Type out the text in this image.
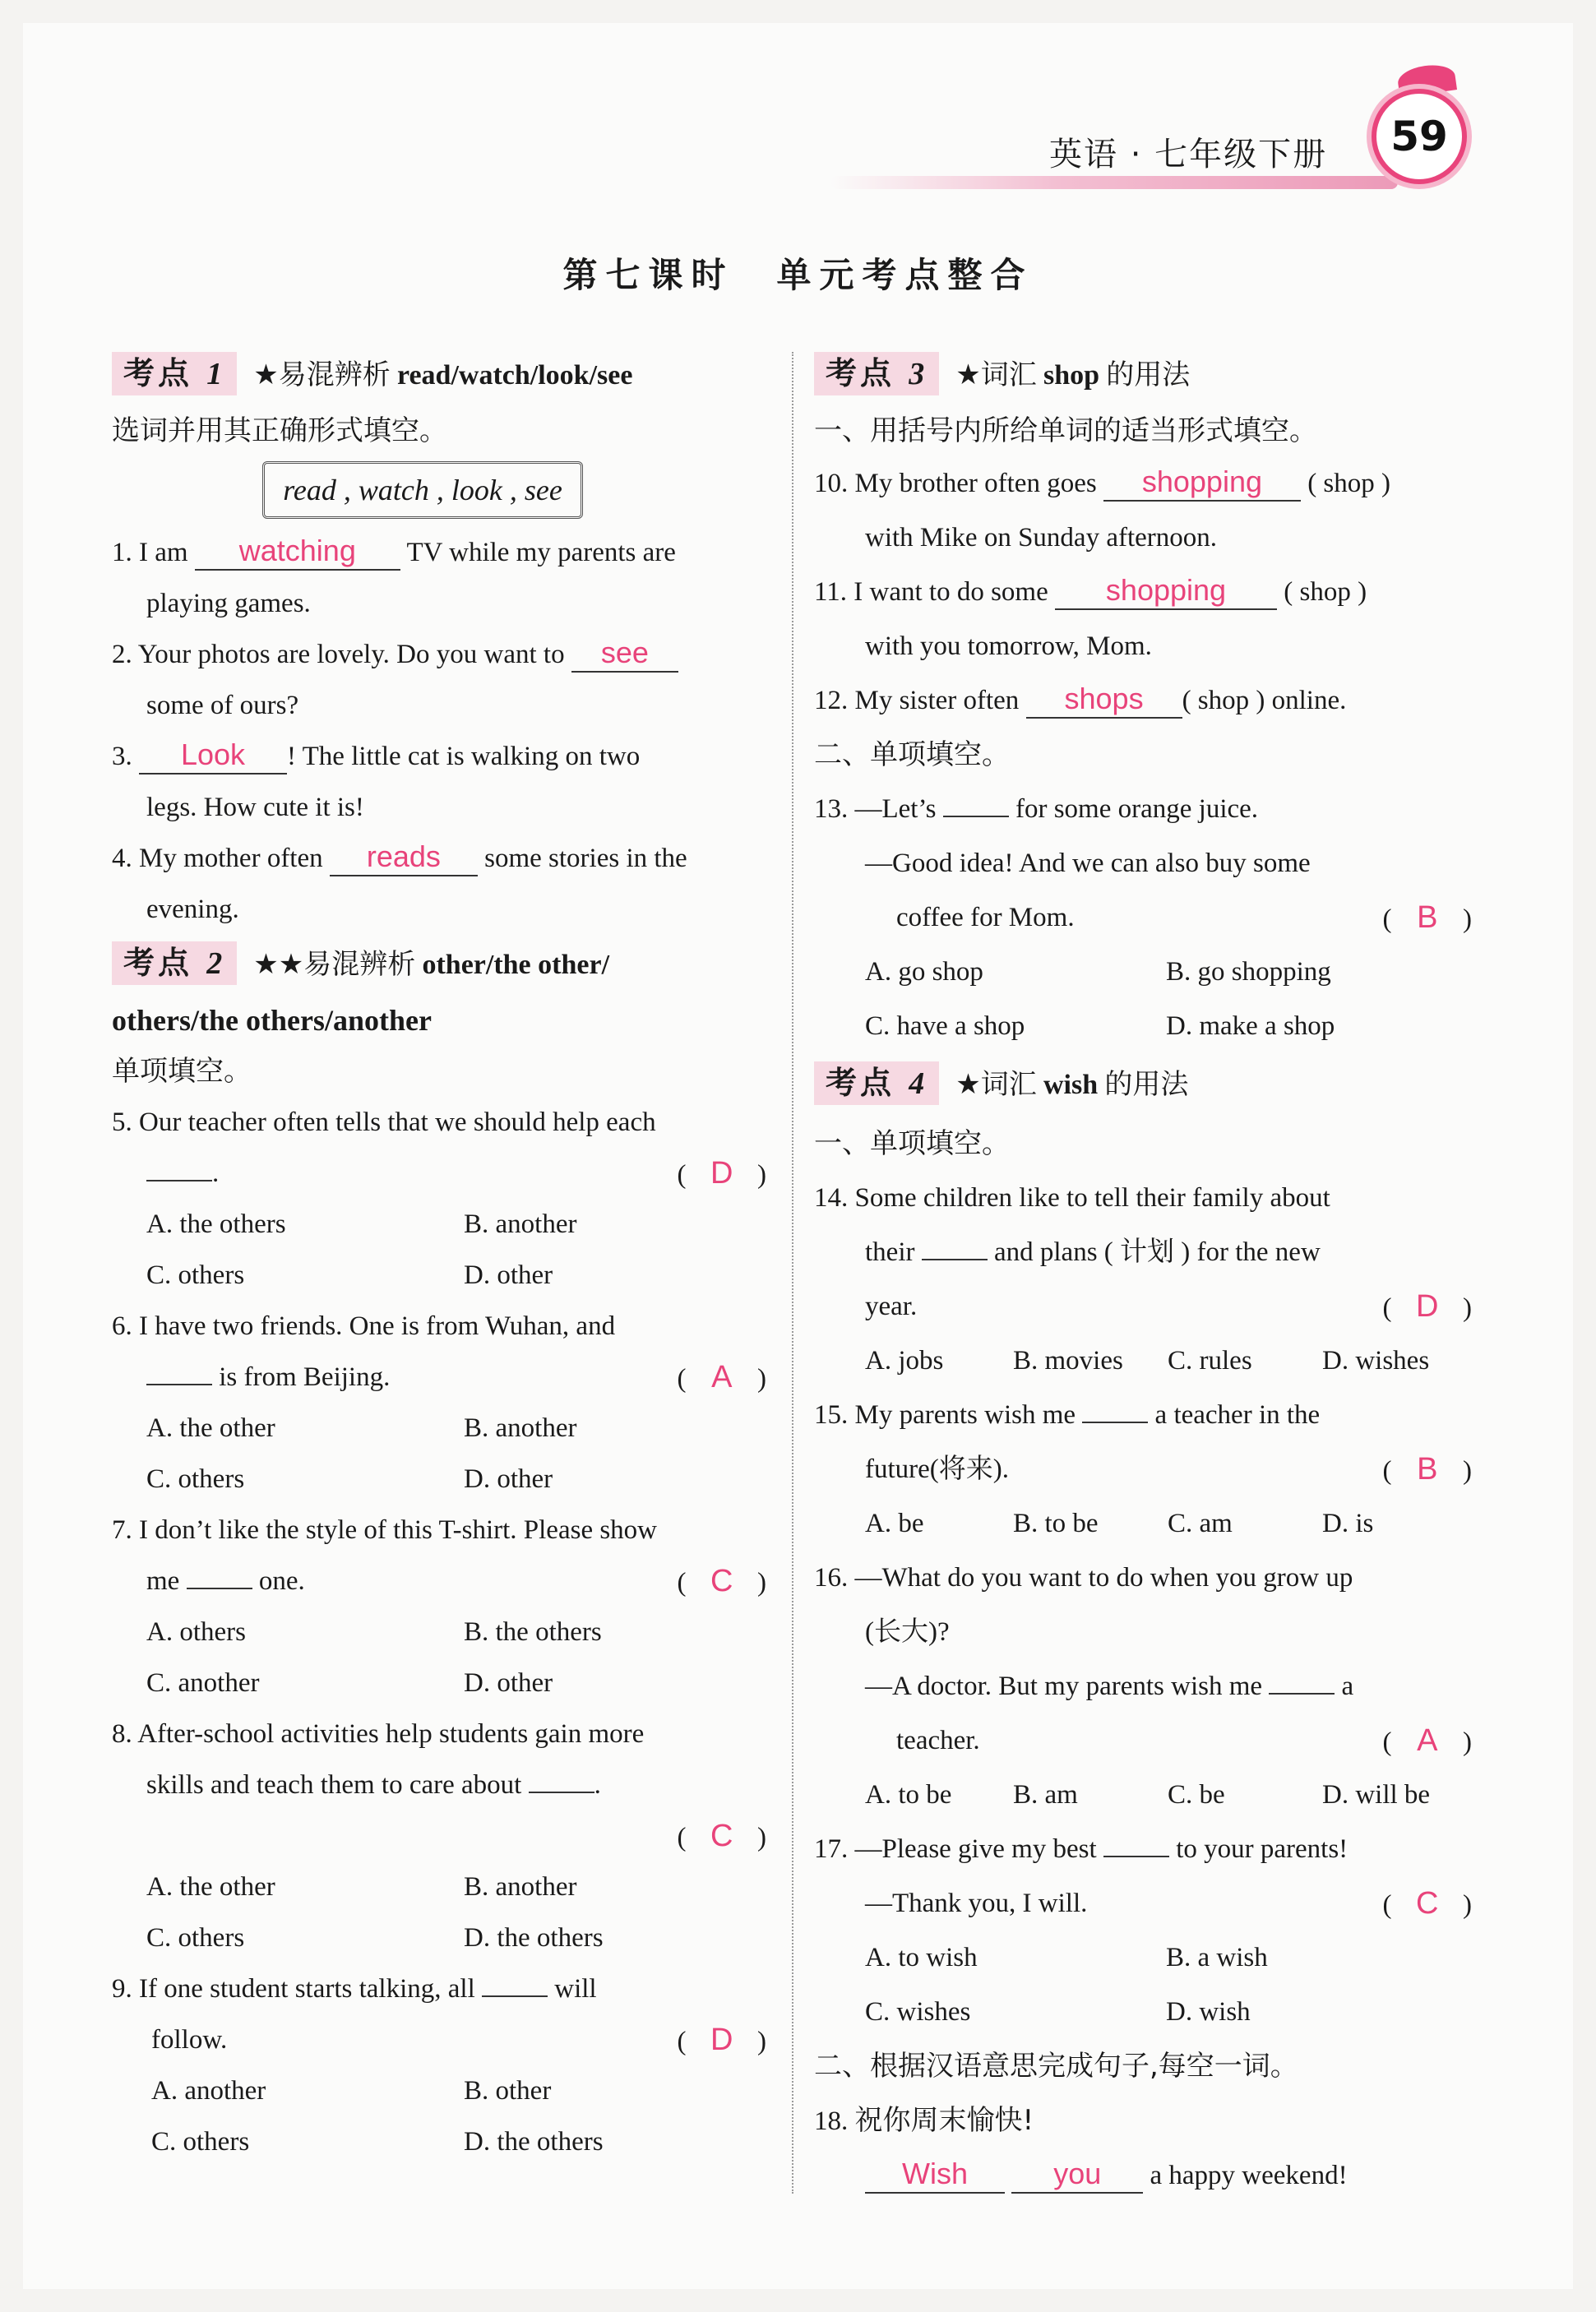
英语 · 七年级下册	59
第七课时　单元考点整合
考点 1 ★易混辨析 read/watch/look/see
选词并用其正确形式填空。
read , watch , look , see
1. I am watching TV while my parents are
playing games.
2. Your photos are lovely. Do you want to see
some of ours?
3. Look ! The little cat is walking on two
legs. How cute it is!
4. My mother often reads some stories in the
evening.
考点 2 ★★易混辨析 other/the other/
others/the others/another
单项填空。
5. Our teacher often tells that we should help each
.	( D )
A. the others	B. another
C. others	D. other
6. I have two friends. One is from Wuhan, and
is from Beijing.	( A )
A. the other	B. another
C. others	D. other
7. I don’t like the style of this T-shirt. Please show
me	one.	( C )
A. others	B. the others
C. another	D. other
8. After-school activities help students gain more
skills and teach them to care about	.
( C )

A. the other	B. another
C. others	D. the others
9. If one student starts talking, all	will
follow.	( D )
A. another	B. other
C. others	D. the others
考点 3 ★词汇 shop 的用法
一、用括号内所给单词的适当形式填空。
10. My brother often goes shopping ( shop )
with Mike on Sunday afternoon.
11. I want to do some shopping ( shop )
with you tomorrow, Mom.
12. My sister often shops ( shop ) online.
二、单项填空。
13. —Let’s	for some orange juice.
—Good idea! And we can also buy some
coffee for Mom.	( B )
A. go shop	B. go shopping
C. have a shop	D. make a shop
考点 4 ★词汇 wish 的用法
一、单项填空。
14. Some children like to tell their family about
their	and plans ( 计划 ) for the new
year.	( D )
A. jobs	B. movies	C. rules	D. wishes
15. My parents wish me	a teacher in the
future(将来).	( B )
A. be	B. to be	C. am	D. is
16. —What do you want to do when you grow up
(长大)?
—A doctor. But my parents wish me	a
teacher.	( A )
A. to be	B. am	C. be	D. will be
17. —Please give my best	to your parents!
—Thank you, I will.	( C )
A. to wish	B. a wish
C. wishes	D. wish
二、根据汉语意思完成句子,每空一词。
18. 祝你周末愉快!
Wish	you a happy weekend!
